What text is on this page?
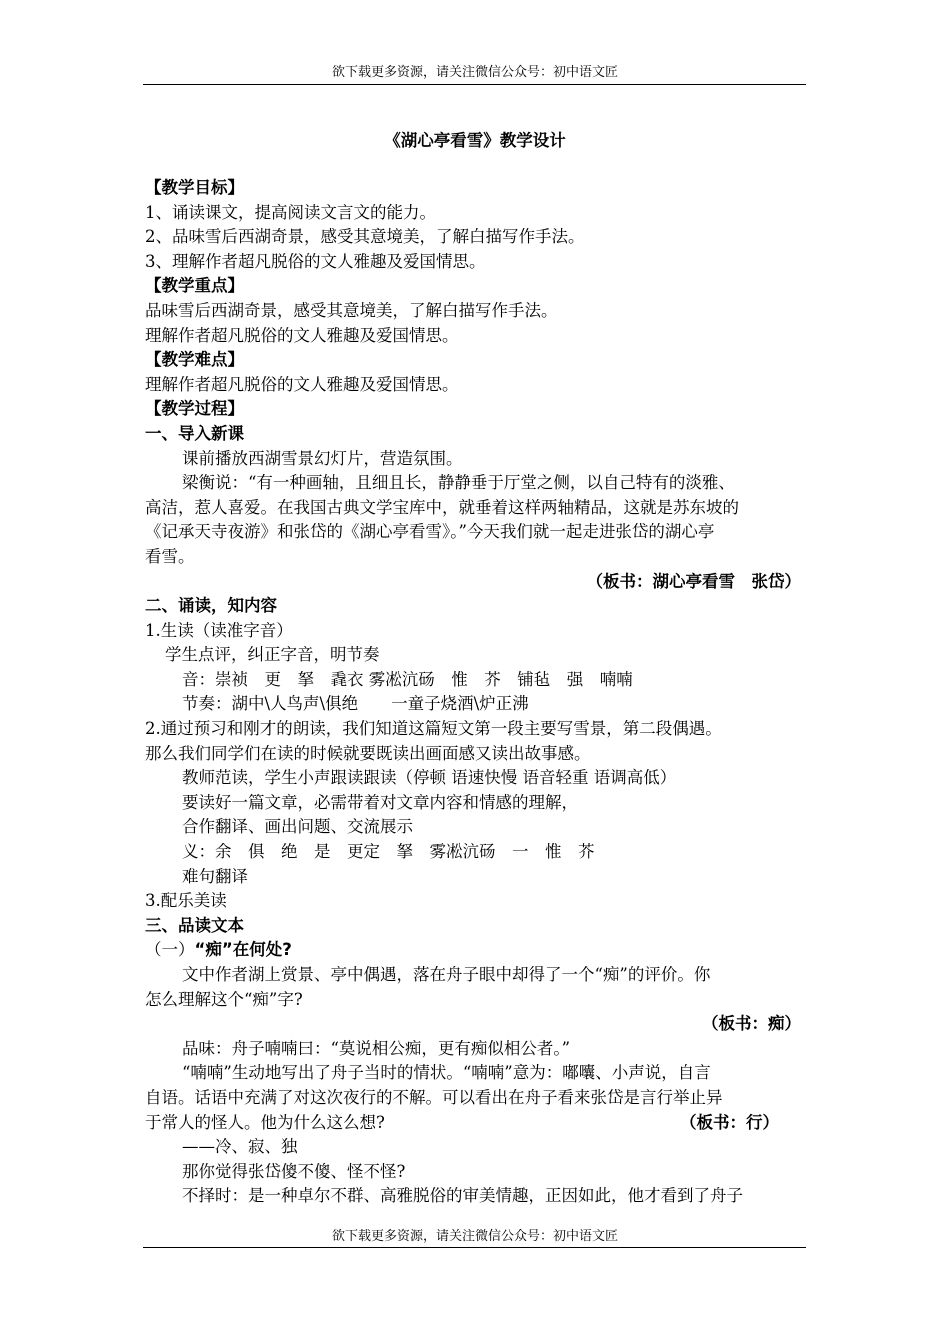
欲下载更多资源，请关注微信公众号：初中语文匠
《湖心亭看雪》教学设计

【教学目标】

1、诵读课文，提高阅读文言文的能力。

2、品味雪后西湖奇景，感受其意境美，了解白描写作手法。

3、理解作者超凡脱俗的文人雅趣及爱国情思。

【教学重点】

品味雪后西湖奇景，感受其意境美，了解白描写作手法。

理解作者超凡脱俗的文人雅趣及爱国情思。

【教学难点】

理解作者超凡脱俗的文人雅趣及爱国情思。

【教学过程】

一、导入新课

课前播放西湖雪景幻灯片，营造氛围。

梁衡说：“有一种画轴，且细且长，静静垂于厅堂之侧，以自己特有的淡雅、

高洁，惹人喜爱。在我国古典文学宝库中，就垂着这样两轴精品，这就是苏东坡的

《记承天寺夜游》和张岱的《湖心亭看雪》。”今天我们就一起走进张岱的湖心亭

看雪。

（板书：湖心亭看雪　张岱）

二、诵读，知内容

1.生读（读准字音）

学生点评，纠正字音，明节奏

音：崇祯　更　拏　毳衣 雾凇沆砀　惟　芥　铺毡　强　喃喃

节奏：湖中\人鸟声\俱绝　　一童子烧酒\炉正沸

2.通过预习和刚才的朗读，我们知道这篇短文第一段主要写雪景，第二段偶遇。

那么我们同学们在读的时候就要既读出画面感又读出故事感。

教师范读，学生小声跟读跟读（停顿 语速快慢 语音轻重 语调高低）

要读好一篇文章，必需带着对文章内容和情感的理解，

合作翻译、画出问题、交流展示

义：余　俱　绝　是　更定　拏　雾凇沆砀　一　惟　芥

难句翻译

3.配乐美读

三、品读文本

（一）“痴”在何处?

文中作者湖上赏景、亭中偶遇，落在舟子眼中却得了一个“痴”的评价。你

怎么理解这个“痴”字?

（板书：痴）

品味：舟子喃喃曰：“莫说相公痴，更有痴似相公者。”

“喃喃”生动地写出了舟子当时的情状。“喃喃”意为：嘟囔、小声说，自言

自语。话语中充满了对这次夜行的不解。可以看出在舟子看来张岱是言行举止异

于常人的怪人。他为什么这么想?	（板书：行）

——冷、寂、独

那你觉得张岱傻不傻、怪不怪?

不择时：是一种卓尔不群、高雅脱俗的审美情趣，正因如此，他才看到了舟子

欲下载更多资源，请关注微信公众号：初中语文匠
